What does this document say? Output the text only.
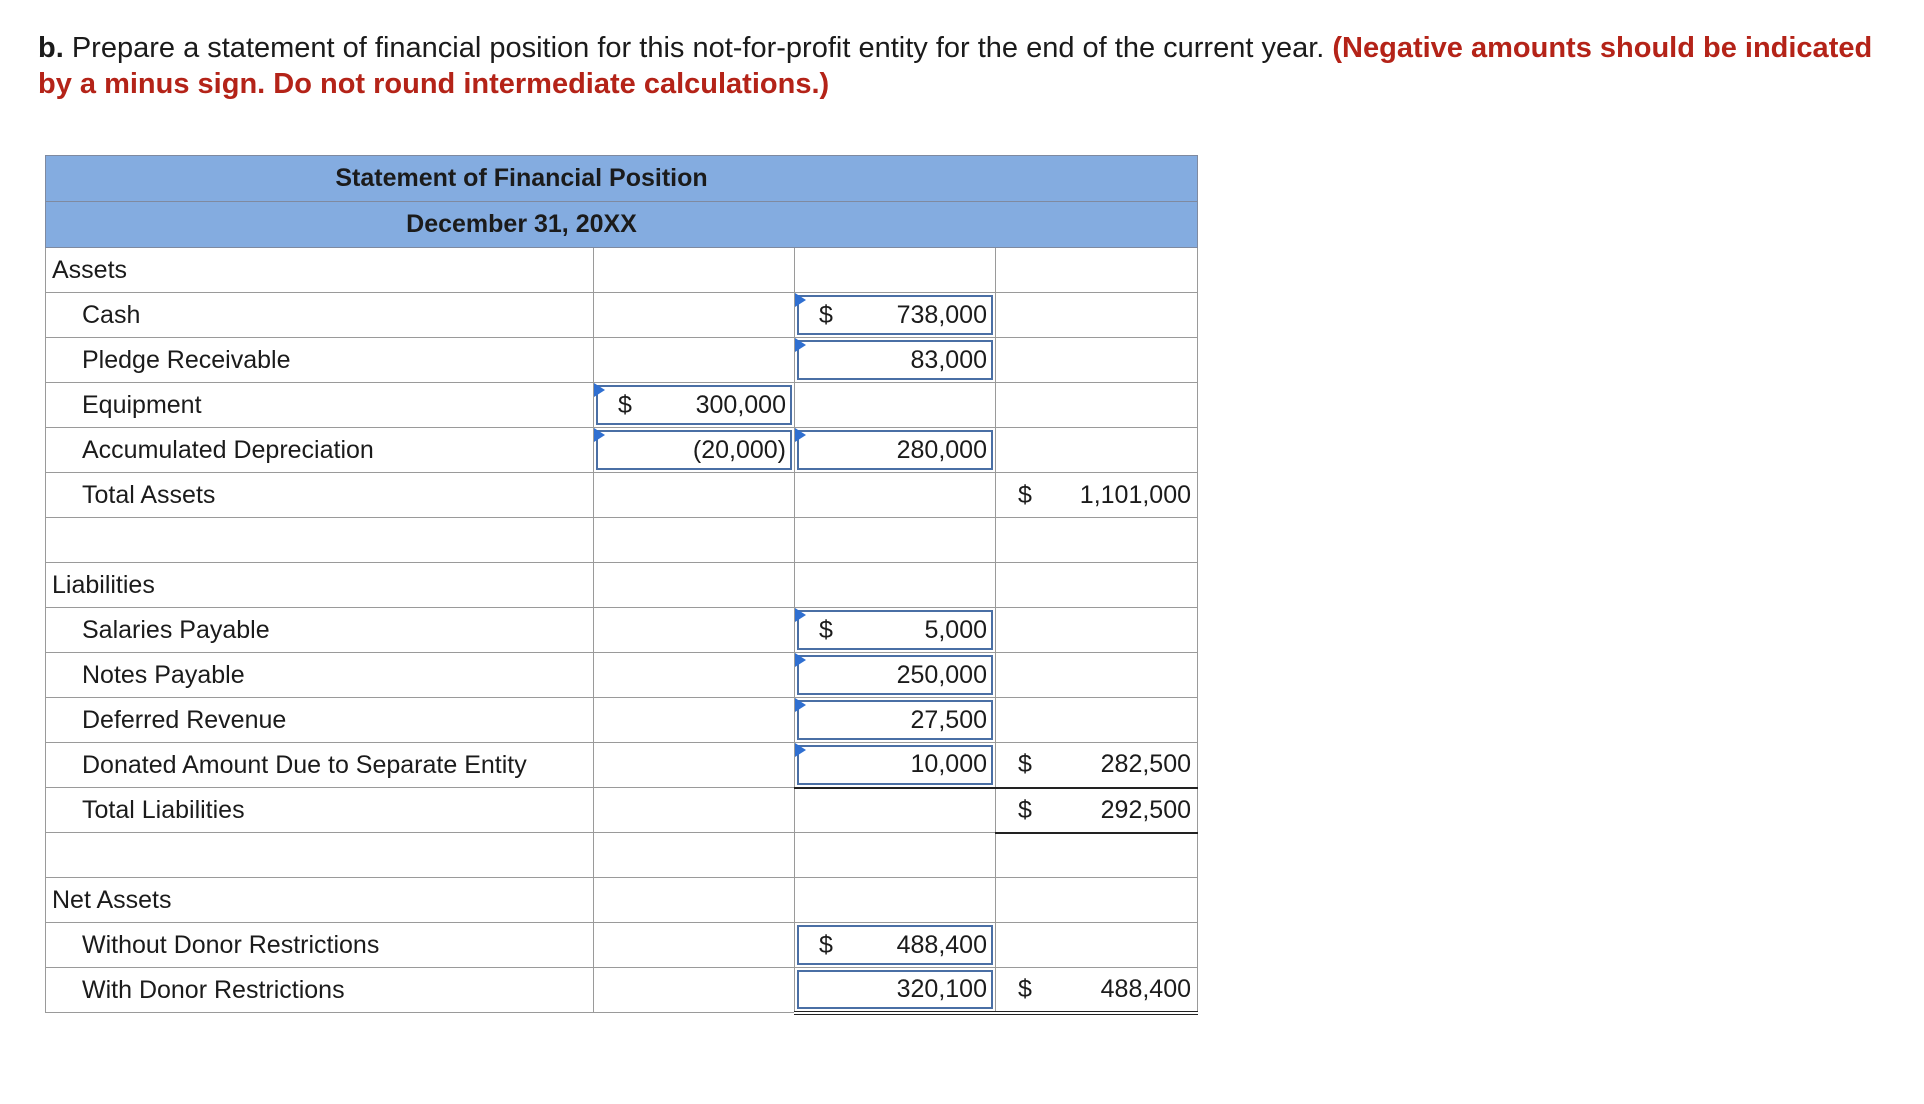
b. Prepare a statement of financial position for this not-for-profit entity for the end of the current year. (Negative amounts should be indicated by a minus sign. Do not round intermediate calculations.)
Statement of Financial Position			
December 31, 20XX			
Assets			
Cash		$ 738,000	

Pledge Receivable		83,000	

Equipment	$ 300,000		

Accumulated Depreciation	(20,000)	280,000	

Total Assets			$ 1,101,000

Liabilities			
Salaries Payable		$ 5,000	

Notes Payable		250,000	

Deferred Revenue		27,500	

Donated Amount Due to Separate Entity		10,000	$ 282,500

Total Liabilities			$ 292,500

Net Assets			
Without Donor Restrictions		$ 488,400	

With Donor Restrictions		320,100	$ 488,400
